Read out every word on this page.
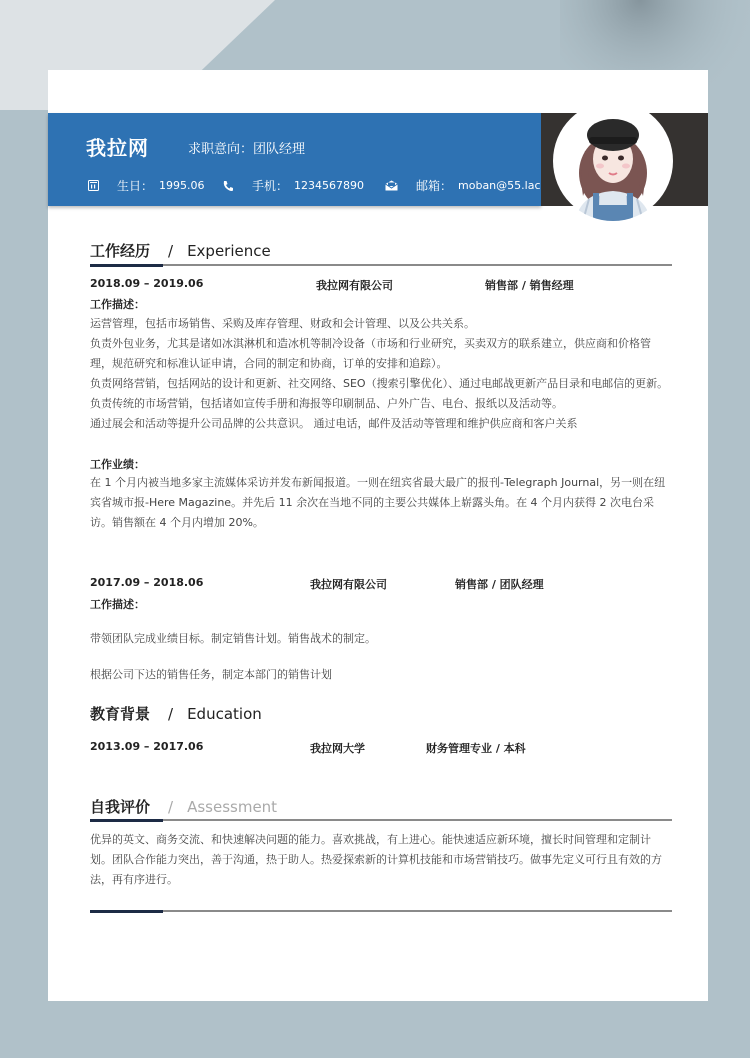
我拉网	求职意向：团队经理
生日： 1995.06	手机： 1234567890	邮箱： moban@55.lac
工作经历 / Experience
2018.09 – 2019.06	我拉网有限公司	销售部 / 销售经理
工作描述：
运营管理，包括市场销售、采购及库存管理、财政和会计管理、以及公共关系。
负责外包业务，尤其是诸如冰淇淋机和造冰机等制冷设备（市场和行业研究，买卖双方的联系建立，供应商和价格管理，规范研究和标准认证申请，合同的制定和协商，订单的安排和追踪）。
负责网络营销，包括网站的设计和更新、社交网络、SEO（搜索引擎优化）、通过电邮战更新产品目录和电邮信的更新。负责传统的市场营销，包括诸如宣传手册和海报等印刷制品、户外广告、电台、报纸以及活动等。
通过展会和活动等提升公司品牌的公共意识。 通过电话，邮件及活动等管理和维护供应商和客户关系
工作业绩：
在 1 个月内被当地多家主流媒体采访并发布新闻报道。一则在纽宾省最大最广的报刊-Telegraph Journal，另一则在纽宾省城市报-Here Magazine。并先后 11 余次在当地不同的主要公共媒体上崭露头角。在 4 个月内获得 2 次电台采访。销售额在 4 个月内增加 20%。
2017.09 – 2018.06	我拉网有限公司	销售部 / 团队经理
工作描述：
带领团队完成业绩目标。制定销售计划。销售战术的制定。
根据公司下达的销售任务，制定本部门的销售计划
教育背景 / Education
2013.09 – 2017.06	我拉网大学	财务管理专业 / 本科
自我评价 / Assessment
优异的英文、商务交流、和快速解决问题的能力。喜欢挑战，有上进心。能快速适应新环境，擅长时间管理和定制计划。团队合作能力突出，善于沟通，热于助人。热爱探索新的计算机技能和市场营销技巧。做事先定义可行且有效的方法，再有序进行。
